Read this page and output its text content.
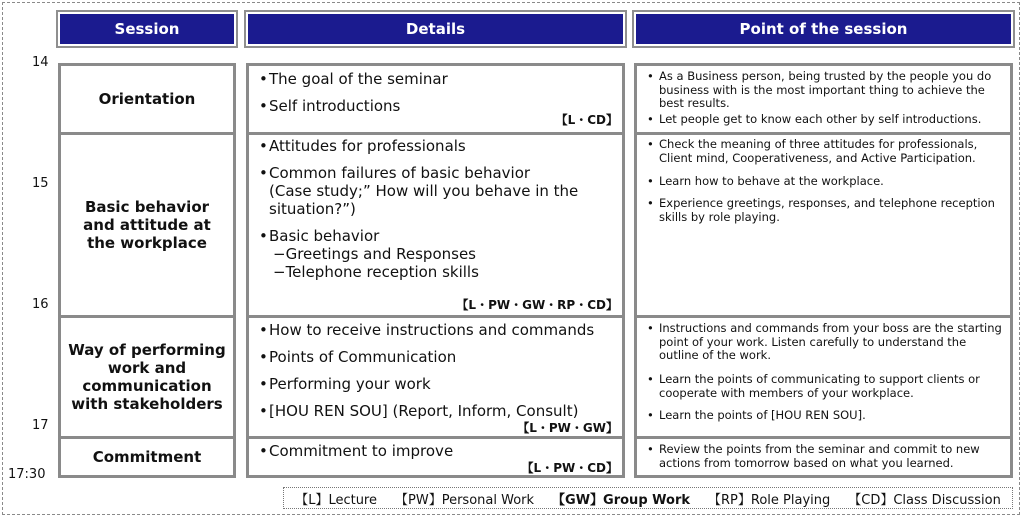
Session	Details	Point of the session
14
15
16
17
17:30
Orientation
Basic behavior and attitude at the workplace
Way of performing work and communication with stakeholders
Commitment
•The goal of the seminar
•Self introductions
【L・CD】
•Attitudes for professionals
•Common failures of basic behavior
(Case study;” How will you behave in the
situation?”)
•Basic behavior
−Greetings and Responses
−Telephone reception skills
【L・PW・GW・RP・CD】
•How to receive instructions and commands
•Points of Communication
•Performing your work
•[HOU REN SOU] (Report, Inform, Consult)
【L・PW・GW】
•Commitment to improve
【L・PW・CD】
• As a Business person, being trusted by the people you do business with is the most important thing to achieve the best results.
• Let people get to know each other by self introductions.
• Check the meaning of three attitudes for professionals, Client mind, Cooperativeness, and Active Participation.
• Learn how to behave at the workplace.
• Experience greetings, responses, and telephone reception skills by role playing.
• Instructions and commands from your boss are the starting point of your work. Listen carefully to understand the outline of the work.
• Learn the points of communicating to support clients or cooperate with members of your workplace.
• Learn the points of [HOU REN SOU].
• Review the points from the seminar and commit to new actions from tomorrow based on what you learned.
【L】Lecture 【PW】Personal Work 【GW】Group Work 【RP】Role Playing 【CD】Class Discussion
